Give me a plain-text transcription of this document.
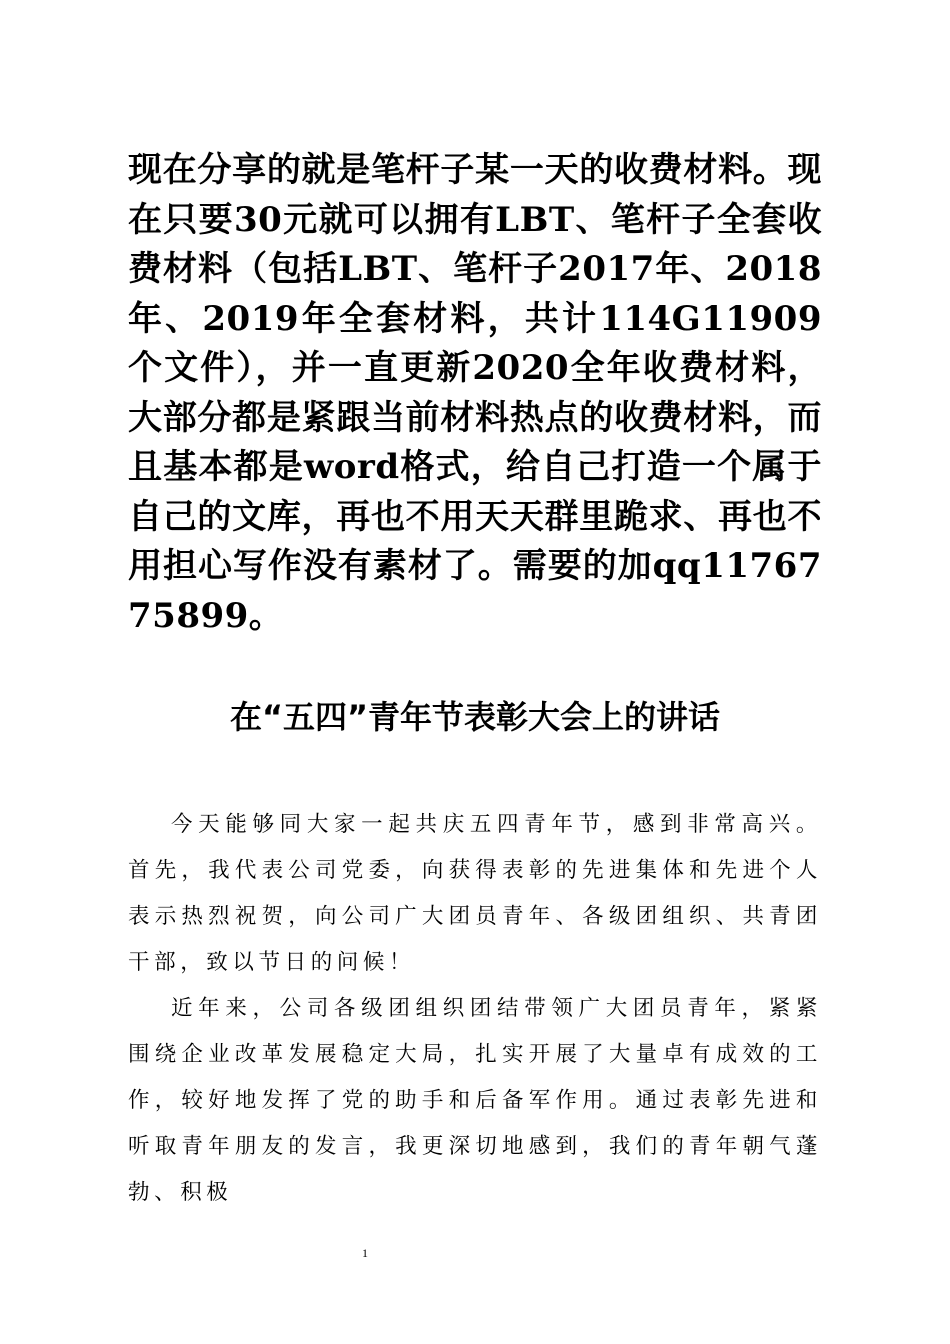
现在分享的就是笔杆子某一天的收费材料。现在只要30元就可以拥有LBT、笔杆子全套收费材料（包括LBT、笔杆子2017年、2018年、2019年全套材料，共计114G11909个文件），并一直更新2020全年收费材料，大部分都是紧跟当前材料热点的收费材料，而且基本都是word格式，给自己打造一个属于自己的文库，再也不用天天群里跪求、再也不用担心写作没有素材了。需要的加qq1176775899。

在“五四”青年节表彰大会上的讲话

今天能够同大家一起共庆五四青年节，感到非常高兴。首先，我代表公司党委，向获得表彰的先进集体和先进个人表示热烈祝贺，向公司广大团员青年、各级团组织、共青团干部，致以节日的问候！

近年来，公司各级团组织团结带领广大团员青年，紧紧围绕企业改革发展稳定大局，扎实开展了大量卓有成效的工作，较好地发挥了党的助手和后备军作用。通过表彰先进和听取青年朋友的发言，我更深切地感到，我们的青年朝气蓬勃、积极

1
